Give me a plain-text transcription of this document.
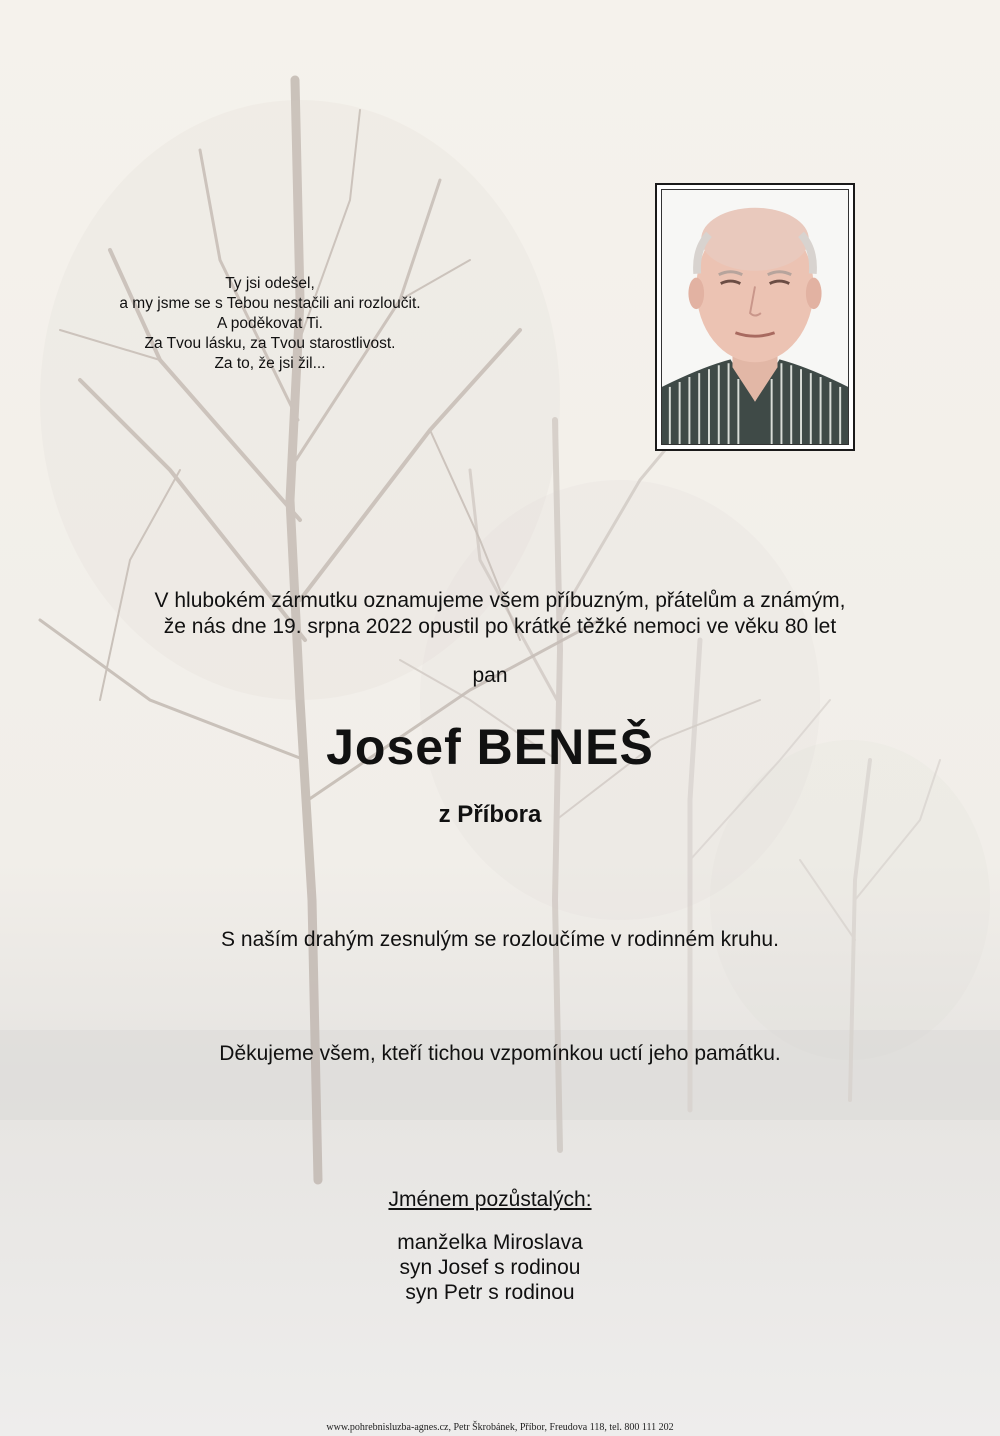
Ty jsi odešel,
a my jsme se s Tebou nestačili ani rozloučit.
A poděkovat Ti.
Za Tvou lásku, za Tvou starostlivost.
Za to, že jsi žil...
V hlubokém zármutku oznamujeme všem příbuzným, přátelům a známým,
že nás dne 19. srpna 2022 opustil po krátké těžké nemoci ve věku 80 let
pan
Josef BENEŠ
z Příbora
S naším drahým zesnulým se rozloučíme v rodinném kruhu.
Děkujeme všem, kteří tichou vzpomínkou uctí jeho památku.
Jménem pozůstalých:
manželka Miroslava
syn Josef s rodinou
syn Petr s rodinou
www.pohrebnisluzba-agnes.cz, Petr Škrobánek, Příbor, Freudova 118, tel. 800 111 202
